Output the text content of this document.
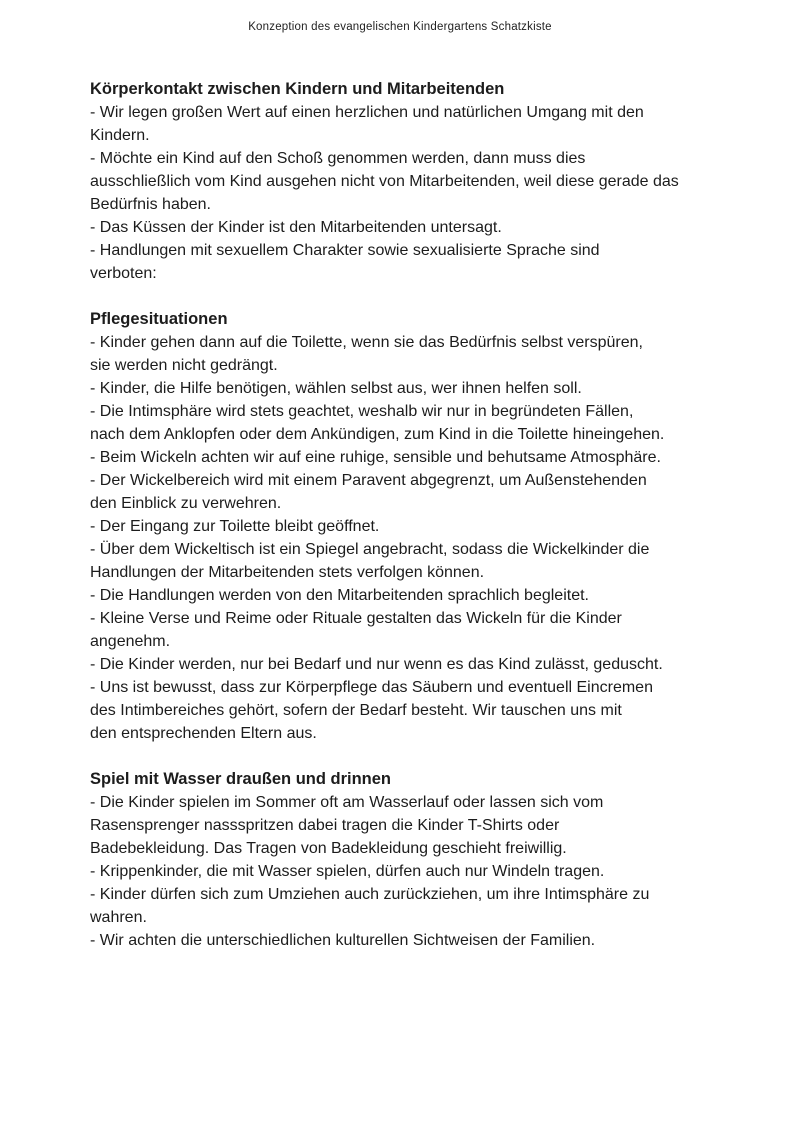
Konzeption des evangelischen Kindergartens Schatzkiste
Körperkontakt zwischen Kindern und Mitarbeitenden
- Wir legen großen Wert auf einen herzlichen und natürlichen Umgang mit den
Kindern.
- Möchte ein Kind auf den Schoß genommen werden, dann muss dies
ausschließlich vom Kind ausgehen nicht von Mitarbeitenden, weil diese gerade das
Bedürfnis haben.
- Das Küssen der Kinder ist den Mitarbeitenden untersagt.
- Handlungen mit sexuellem Charakter sowie sexualisierte Sprache sind
verboten:
Pflegesituationen
- Kinder gehen dann auf die Toilette, wenn sie das Bedürfnis selbst verspüren,
sie werden nicht gedrängt.
- Kinder, die Hilfe benötigen, wählen selbst aus, wer ihnen helfen soll.
- Die Intimsphäre wird stets geachtet, weshalb wir nur in begründeten Fällen,
nach dem Anklopfen oder dem Ankündigen, zum Kind in die Toilette hineingehen.
- Beim Wickeln achten wir auf eine ruhige, sensible und behutsame Atmosphäre.
- Der Wickelbereich wird mit einem Paravent abgegrenzt, um Außenstehenden
den Einblick zu verwehren.
- Der Eingang zur Toilette bleibt geöffnet.
- Über dem Wickeltisch ist ein Spiegel angebracht, sodass die Wickelkinder die
Handlungen der Mitarbeitenden stets verfolgen können.
- Die Handlungen werden von den Mitarbeitenden sprachlich begleitet.
- Kleine Verse und Reime oder Rituale gestalten das Wickeln für die Kinder
angenehm.
- Die Kinder werden, nur bei Bedarf und nur wenn es das Kind zulässt, geduscht.
- Uns ist bewusst, dass zur Körperpflege das Säubern und eventuell Eincremen
des Intimbereiches gehört, sofern der Bedarf besteht. Wir tauschen uns mit
den entsprechenden Eltern aus.
Spiel mit Wasser draußen und drinnen
- Die Kinder spielen im Sommer oft am Wasserlauf oder lassen sich vom
Rasensprenger nassspritzen dabei tragen die Kinder T-Shirts oder
Badebekleidung. Das Tragen von Badekleidung geschieht freiwillig.
- Krippenkinder, die mit Wasser spielen, dürfen auch nur Windeln tragen.
- Kinder dürfen sich zum Umziehen auch zurückziehen, um ihre Intimsphäre zu
wahren.
- Wir achten die unterschiedlichen kulturellen Sichtweisen der Familien.
